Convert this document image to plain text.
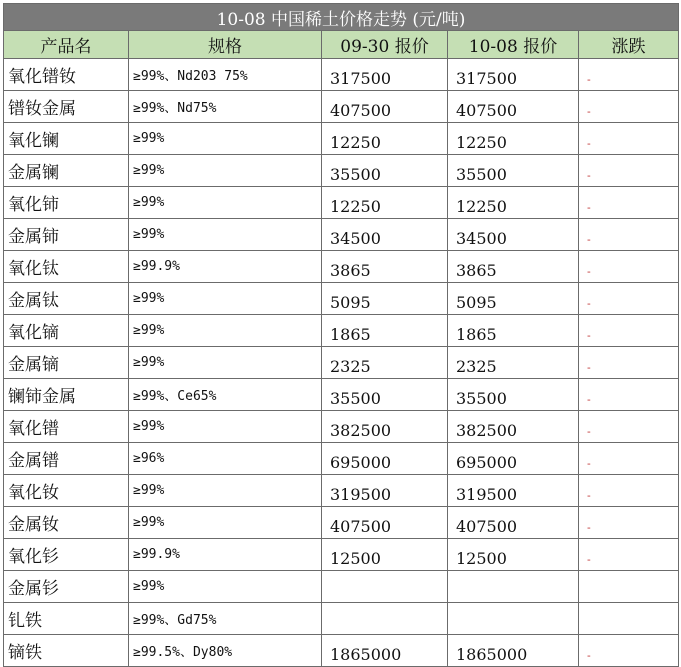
10-08 中国稀土价格走势 (元/吨)				
产品名	规格	09-30 报价	10-08 报价	涨跌
氧化镨钕	≥99%、Nd203 75%	317500	317500	-
镨钕金属	≥99%、Nd75%	407500	407500	-
氧化镧	≥99%	12250	12250	-
金属镧	≥99%	35500	35500	-
氧化铈	≥99%	12250	12250	-
金属铈	≥99%	34500	34500	-
氧化钛	≥99.9%	3865	3865	-
金属钛	≥99%	5095	5095	-
氧化镝	≥99%	1865	1865	-
金属镝	≥99%	2325	2325	-
镧铈金属	≥99%、Ce65%	35500	35500	-
氧化镨	≥99%	382500	382500	-
金属镨	≥96%	695000	695000	-
氧化钕	≥99%	319500	319500	-
金属钕	≥99%	407500	407500	-
氧化钐	≥99.9%	12500	12500	-
金属钐	≥99%			
钆铁	≥99%、Gd75%			
镝铁	≥99.5%、Dy80%	1865000	1865000	-
